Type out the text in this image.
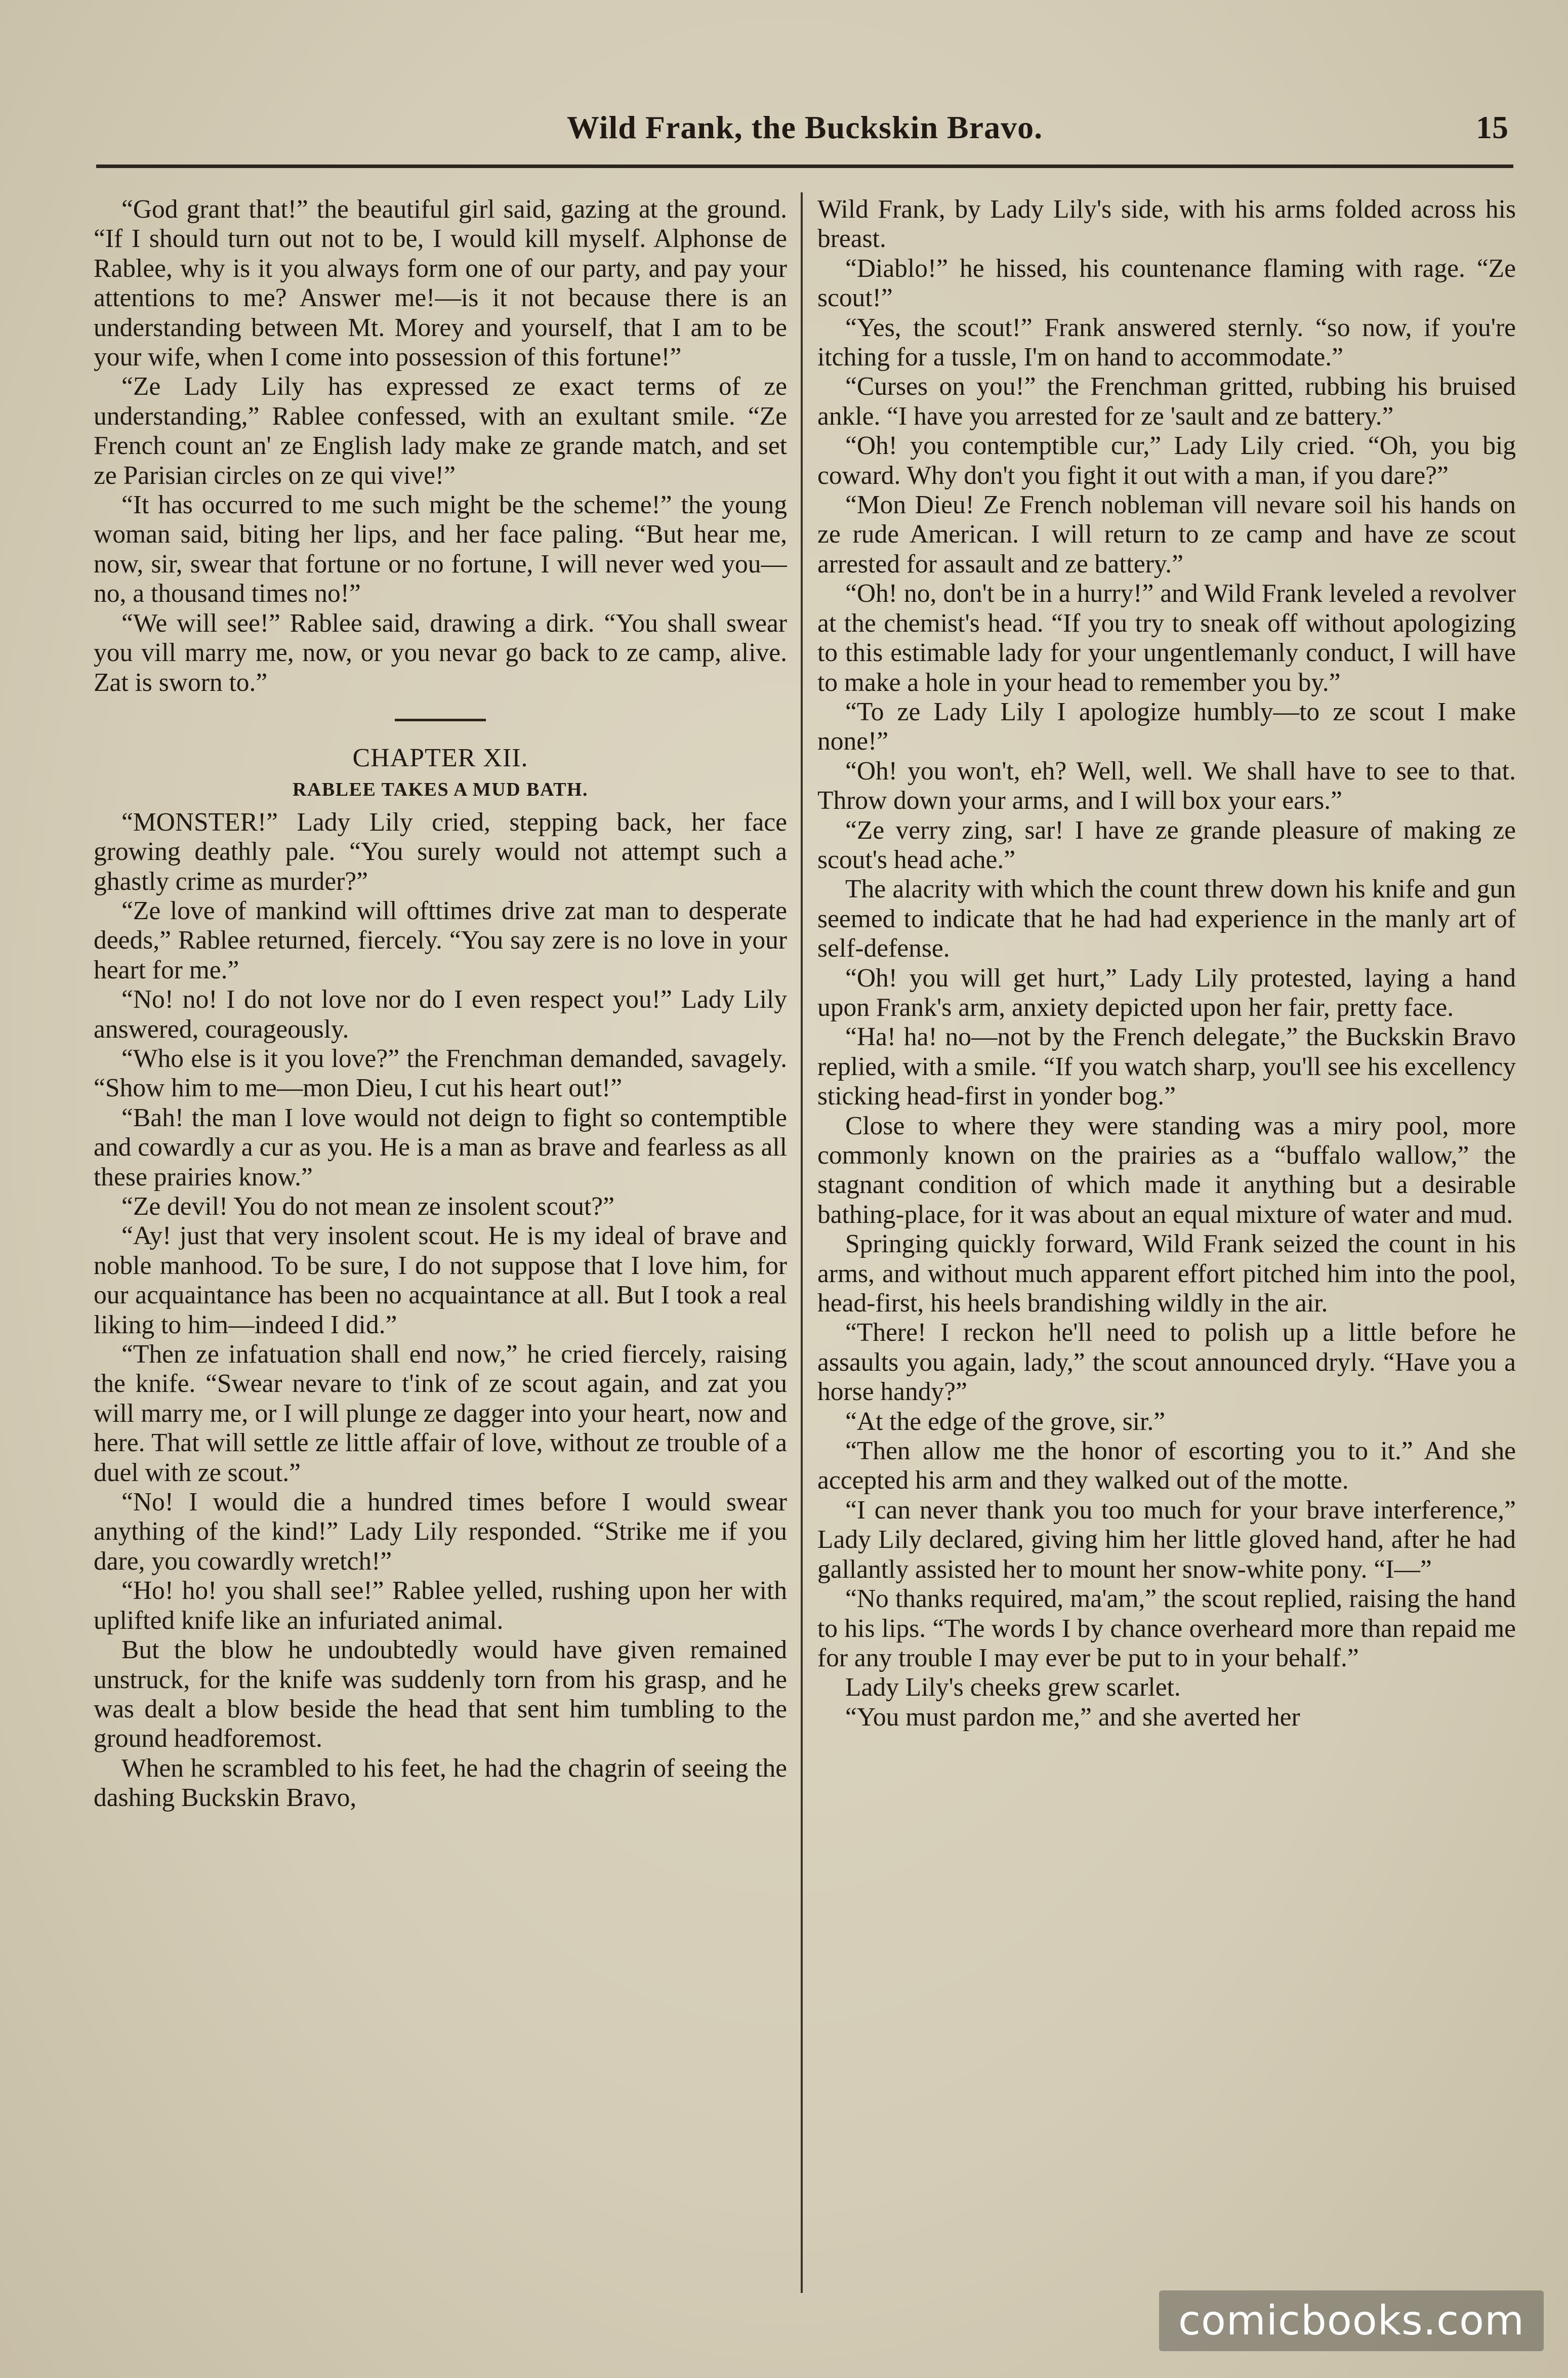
Wild Frank, the Buckskin Bravo.	15

“God grant that!” the beautiful girl said, gazing at the ground. “If I should turn out not to be, I would kill myself. Alphonse de Rablee, why is it you always form one of our party, and pay your attentions to me? Answer me!—is it not because there is an understanding between Mt. Morey and yourself, that I am to be your wife, when I come into possession of this fortune!”

“Ze Lady Lily has expressed ze exact terms of ze understanding,” Rablee confessed, with an exultant smile. “Ze French count an' ze English lady make ze grande match, and set ze Parisian circles on ze qui vive!”

“It has occurred to me such might be the scheme!” the young woman said, biting her lips, and her face paling. “But hear me, now, sir, swear that fortune or no fortune, I will never wed you—no, a thousand times no!”

“We will see!” Rablee said, drawing a dirk. “You shall swear you vill marry me, now, or you nevar go back to ze camp, alive. Zat is sworn to.”

CHAPTER XII.
RABLEE TAKES A MUD BATH.

“MONSTER!” Lady Lily cried, stepping back, her face growing deathly pale. “You surely would not attempt such a ghastly crime as murder?”

“Ze love of mankind will ofttimes drive zat man to desperate deeds,” Rablee returned, fiercely. “You say zere is no love in your heart for me.”

“No! no! I do not love nor do I even respect you!” Lady Lily answered, courageously.

“Who else is it you love?” the Frenchman demanded, savagely. “Show him to me—mon Dieu, I cut his heart out!”

“Bah! the man I love would not deign to fight so contemptible and cowardly a cur as you. He is a man as brave and fearless as all these prairies know.”

“Ze devil! You do not mean ze insolent scout?”

“Ay! just that very insolent scout. He is my ideal of brave and noble manhood. To be sure, I do not suppose that I love him, for our acquaintance has been no acquaintance at all. But I took a real liking to him—indeed I did.”

“Then ze infatuation shall end now,” he cried fiercely, raising the knife. “Swear nevare to t'ink of ze scout again, and zat you will marry me, or I will plunge ze dagger into your heart, now and here. That will settle ze little affair of love, without ze trouble of a duel with ze scout.”

“No! I would die a hundred times before I would swear anything of the kind!” Lady Lily responded. “Strike me if you dare, you cowardly wretch!”

“Ho! ho! you shall see!” Rablee yelled, rushing upon her with uplifted knife like an infuriated animal.

But the blow he undoubtedly would have given remained unstruck, for the knife was suddenly torn from his grasp, and he was dealt a blow beside the head that sent him tumbling to the ground headforemost.

When he scrambled to his feet, he had the chagrin of seeing the dashing Buckskin Bravo,

Wild Frank, by Lady Lily's side, with his arms folded across his breast.

“Diablo!” he hissed, his countenance flaming with rage. “Ze scout!”

“Yes, the scout!” Frank answered sternly. “so now, if you're itching for a tussle, I'm on hand to accommodate.”

“Curses on you!” the Frenchman gritted, rubbing his bruised ankle. “I have you arrested for ze 'sault and ze battery.”

“Oh! you contemptible cur,” Lady Lily cried. “Oh, you big coward. Why don't you fight it out with a man, if you dare?”

“Mon Dieu! Ze French nobleman vill nevare soil his hands on ze rude American. I will return to ze camp and have ze scout arrested for assault and ze battery.”

“Oh! no, don't be in a hurry!” and Wild Frank leveled a revolver at the chemist's head. “If you try to sneak off without apologizing to this estimable lady for your ungentlemanly conduct, I will have to make a hole in your head to remember you by.”

“To ze Lady Lily I apologize humbly—to ze scout I make none!”

“Oh! you won't, eh? Well, well. We shall have to see to that. Throw down your arms, and I will box your ears.”

“Ze verry zing, sar! I have ze grande pleasure of making ze scout's head ache.”

The alacrity with which the count threw down his knife and gun seemed to indicate that he had had experience in the manly art of self-defense.

“Oh! you will get hurt,” Lady Lily protested, laying a hand upon Frank's arm, anxiety depicted upon her fair, pretty face.

“Ha! ha! no—not by the French delegate,” the Buckskin Bravo replied, with a smile. “If you watch sharp, you'll see his excellency sticking head-first in yonder bog.”

Close to where they were standing was a miry pool, more commonly known on the prairies as a “buffalo wallow,” the stagnant condition of which made it anything but a desirable bathing-place, for it was about an equal mixture of water and mud.

Springing quickly forward, Wild Frank seized the count in his arms, and without much apparent effort pitched him into the pool, head-first, his heels brandishing wildly in the air.

“There! I reckon he'll need to polish up a little before he assaults you again, lady,” the scout announced dryly. “Have you a horse handy?”

“At the edge of the grove, sir.”

“Then allow me the honor of escorting you to it.” And she accepted his arm and they walked out of the motte.

“I can never thank you too much for your brave interference,” Lady Lily declared, giving him her little gloved hand, after he had gallantly assisted her to mount her snow-white pony. “I—”

“No thanks required, ma'am,” the scout replied, raising the hand to his lips. “The words I by chance overheard more than repaid me for any trouble I may ever be put to in your behalf.”

Lady Lily's cheeks grew scarlet.

“You must pardon me,” and she averted her

comicbooks.com
